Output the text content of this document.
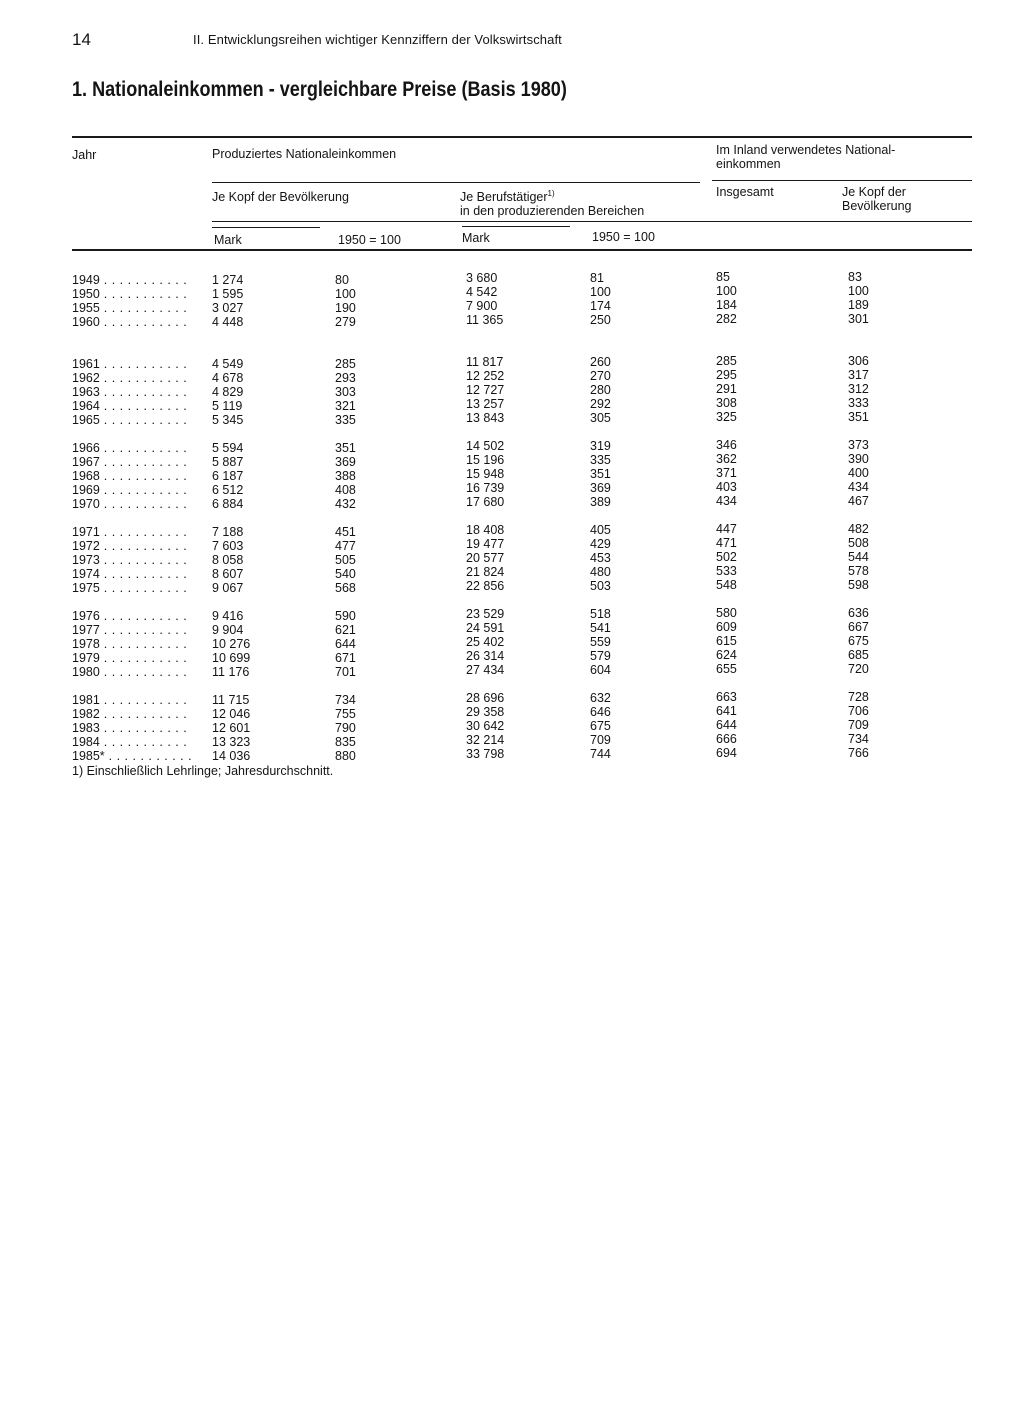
14	II. Entwicklungsreihen wichtiger Kennziffern der Volkswirtschaft
1. Nationaleinkommen - vergleichbare Preise (Basis 1980)
Jahr	Produziertes Nationaleinkommen	Im Inland verwendetes National-einkommen
Je Kopf der Bevölkerung	Je Berufstätiger$^{1)}$
in den produzierenden Bereichen
Insgesamt	Je Kopf der Bevölkerung
Mark	1950 = 100	Mark	1950 = 100
1949 . . .	1 274	80	3 680	81	85	83
1950 . . .	1 595	100	4 542	100	100	100
1955 . . .	3 027	190	7 900	174	184	189
1960 . . .	4 448	279	11 365	250	282	301
1961 . . .	4 549	285	11 817	260	285	306
1962 . . .	4 678	293	12 252	270	295	317
1963 . . .	4 829	303	12 727	280	291	312
1964 . . .	5 119	321	13 257	292	308	333
1965 . . .	5 345	335	13 843	305	325	351
1966 . . .	5 594	351	14 502	319	346	373
1967 . . .	5 887	369	15 196	335	362	390
1968 . . .	6 187	388	15 948	351	371	400
1969 . . .	6 512	408	16 739	369	403	434
1970 . . .	6 884	432	17 680	389	434	467
1971 . . .	7 188	451	18 408	405	447	482
1972 . . .	7 603	477	19 477	429	471	508
1973 . . .	8 058	505	20 577	453	502	544
1974 . . .	8 607	540	21 824	480	533	578
1975 . . .	9 067	568	22 856	503	548	598
1976 . . .	9 416	590	23 529	518	580	636
1977 . . .	9 904	621	24 591	541	609	667
1978 . . .	10 276	644	25 402	559	615	675
1979 . . .	10 699	671	26 314	579	624	685
1980 . . .	11 176	701	27 434	604	655	720
1981 . . .	11 715	734	28 696	632	663	728
1982 . . .	12 046	755	29 358	646	641	706
1983 . . .	12 601	790	30 642	675	644	709
1984 . . .	13 323	835	32 214	709	666	734
1985* . . .	14 036	880	33 798	744	694	766
1) Einschließlich Lehrlinge; Jahresdurchschnitt.
